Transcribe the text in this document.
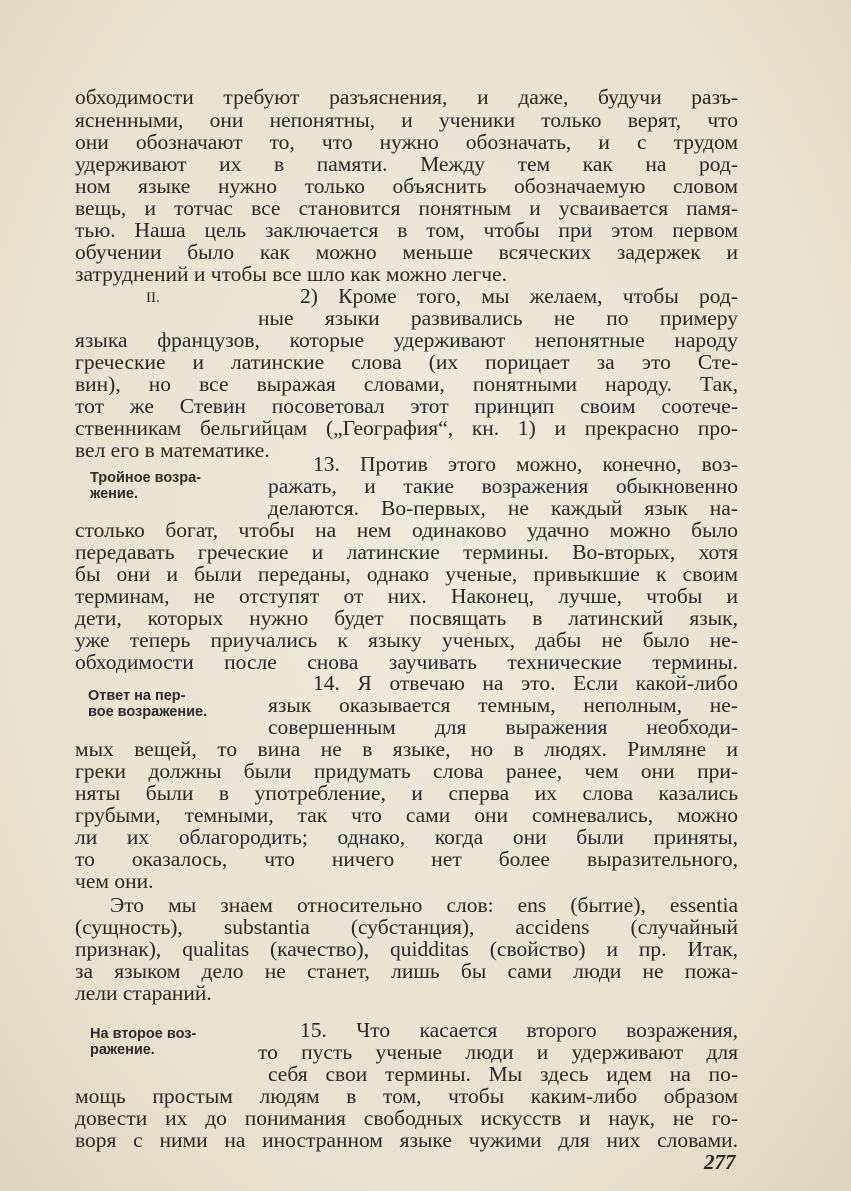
обходимости требуют разъяснения, и даже, будучи разъ-
ясненными, они непонятны, и ученики только верят, что
они обозначают то, что нужно обозначать, и с трудом
удерживают их в памяти. Между тем как на род-
ном языке нужно только объяснить обозначаемую словом
вещь, и тотчас все становится понятным и усваивается памя-
тью. Наша цель заключается в том, чтобы при этом первом
обучении было как можно меньше всяческих задержек и
затруднений и чтобы все шло как можно легче.
II.	2) Кроме того, мы желаем, чтобы род-
ные языки развивались не по примеру
языка французов, которые удерживают непонятные народу
греческие и латинские слова (их порицает за это Сте-
вин), но все выражая словами, понятными народу. Так,
тот же Стевин посоветовал этот принцип своим соотече-
ственникам бельгийцам („География“, кн. 1) и прекрасно про-
вел его в математике.
Тройное возра-
жение.
13. Против этого можно, конечно, воз-
ражать, и такие возражения обыкновенно
делаются. Во-первых, не каждый язык на-
столько богат, чтобы на нем одинаково удачно можно было
передавать греческие и латинские термины. Во-вторых, хотя
бы они и были переданы, однако ученые, привыкшие к своим
терминам, не отступят от них. Наконец, лучше, чтобы и
дети, которых нужно будет посвящать в латинский язык,
уже теперь приучались к языку ученых, дабы не было не-
обходимости после снова заучивать технические термины.
Ответ на пер-
вое возражение.
14. Я отвечаю на это. Если какой-либо
язык оказывается темным, неполным, не-
совершенным для выражения необходи-
мых вещей, то вина не в языке, но в людях. Римляне и
греки должны были придумать слова ранее, чем они при-
няты были в употребление, и сперва их слова казались
грубыми, темными, так что сами они сомневались, можно
ли их облагородить; однако, когда они были приняты,
то оказалось, что ничего нет более выразительного,
чем они.
Это мы знаем относительно слов: ens (бытие), essentia
(сущность), substantia (субстанция), accidens (случайный
признак), qualitas (качество), quidditas (свойство) и пр. Итак,
за языком дело не станет, лишь бы сами люди не пожа-
лели стараний.
На второе воз-
ражение.
15. Что касается второго возражения,
то пусть ученые люди и удерживают для
себя свои термины. Мы здесь идем на по-
мощь простым людям в том, чтобы каким-либо образом
довести их до понимания свободных искусств и наук, не го-
воря с ними на иностранном языке чужими для них словами.
277
